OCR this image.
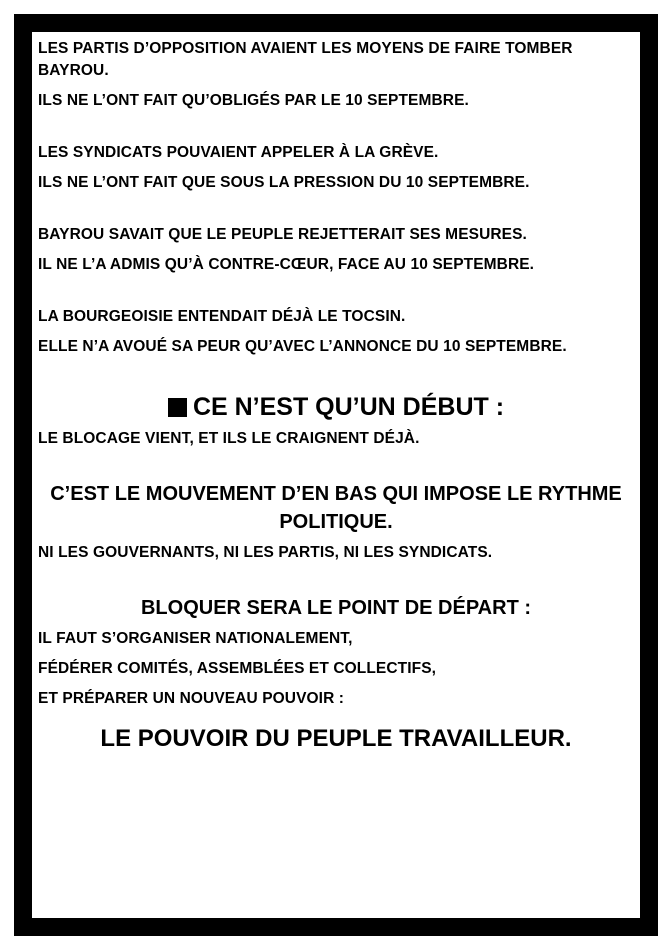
LES PARTIS D’OPPOSITION AVAIENT LES MOYENS DE FAIRE TOMBER BAYROU.

ILS NE L’ONT FAIT QU’OBLIGÉS PAR LE 10 SEPTEMBRE.

LES SYNDICATS POUVAIENT APPELER À LA GRÈVE.

ILS NE L’ONT FAIT QUE SOUS LA PRESSION DU 10 SEPTEMBRE.

BAYROU SAVAIT QUE LE PEUPLE REJETTERAIT SES MESURES.

IL NE L’A ADMIS QU’À CONTRE-CŒUR, FACE AU 10 SEPTEMBRE.

LA BOURGEOISIE ENTENDAIT DÉJÀ LE TOCSIN.

ELLE N’A AVOUÉ SA PEUR QU’AVEC L’ANNONCE DU 10 SEPTEMBRE.

CE N’EST QU’UN DÉBUT :

LE BLOCAGE VIENT, ET ILS LE CRAIGNENT DÉJÀ.

C’EST LE MOUVEMENT D’EN BAS QUI IMPOSE LE RYTHME POLITIQUE.

NI LES GOUVERNANTS, NI LES PARTIS, NI LES SYNDICATS.

BLOQUER SERA LE POINT DE DÉPART :

IL FAUT S’ORGANISER NATIONALEMENT,

FÉDÉRER COMITÉS, ASSEMBLÉES ET COLLECTIFS,

ET PRÉPARER UN NOUVEAU POUVOIR :

LE POUVOIR DU PEUPLE TRAVAILLEUR.
